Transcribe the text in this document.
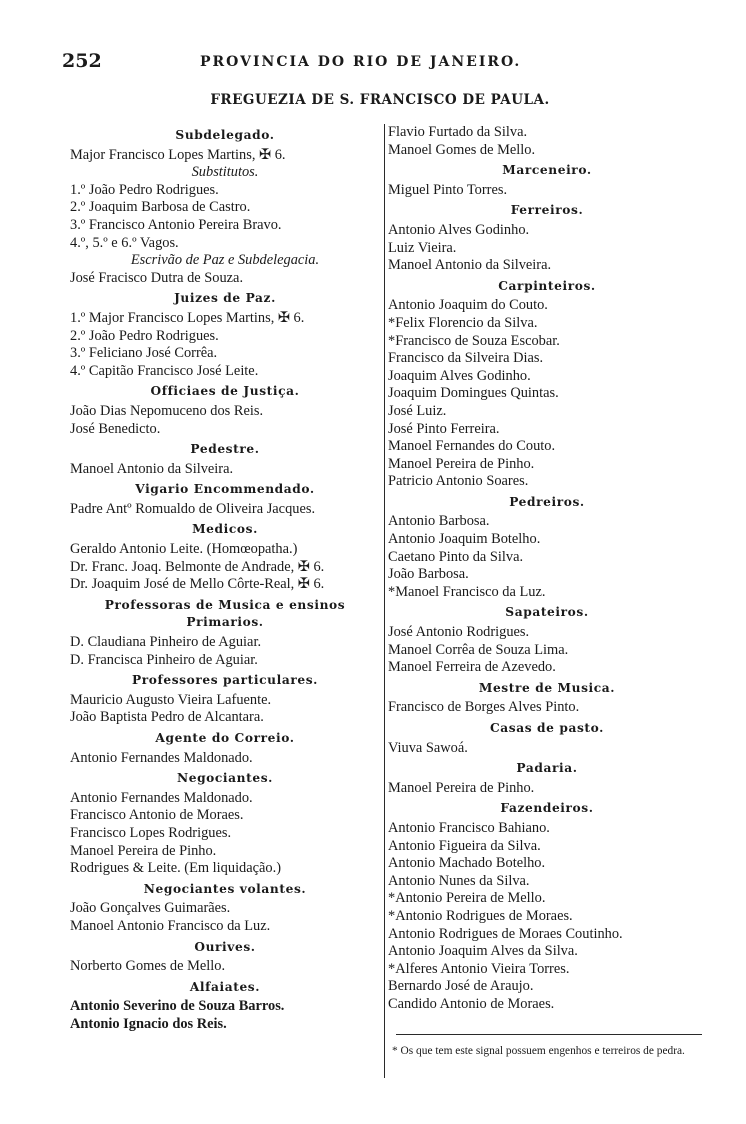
252	PROVINCIA DO RIO DE JANEIRO.
FREGUEZIA DE S. FRANCISCO DE PAULA.
Subdelegado.
Major Francisco Lopes Martins, ✠ 6.
Substitutos.
1.º João Pedro Rodrigues.
2.º Joaquim Barbosa de Castro.
3.º Francisco Antonio Pereira Bravo.
4.º, 5.º e 6.º Vagos.
Escrivão de Paz e Subdelegacia.
José Fracisco Dutra de Souza.
Juizes de Paz.
1.º Major Francisco Lopes Martins, ✠ 6.
2.º João Pedro Rodrigues.
3.º Feliciano José Corrêa.
4.º Capitão Francisco José Leite.
Officiaes de Justiça.
João Dias Nepomuceno dos Reis.
José Benedicto.
Pedestre.
Manoel Antonio da Silveira.
Vigario Encommendado.
Padre Antº Romualdo de Oliveira Jacques.
Medicos.
Geraldo Antonio Leite. (Homœopatha.)
Dr. Franc. Joaq. Belmonte de Andrade, ✠ 6.
Dr. Joaquim José de Mello Côrte-Real, ✠ 6.
Professoras de Musica e ensinos Primarios.
D. Claudiana Pinheiro de Aguiar.
D. Francisca Pinheiro de Aguiar.
Professores particulares.
Mauricio Augusto Vieira Lafuente.
João Baptista Pedro de Alcantara.
Agente do Correio.
Antonio Fernandes Maldonado.
Negociantes.
Antonio Fernandes Maldonado.
Francisco Antonio de Moraes.
Francisco Lopes Rodrigues.
Manoel Pereira de Pinho.
Rodrigues & Leite. (Em liquidação.)
Negociantes volantes.
João Gonçalves Guimarães.
Manoel Antonio Francisco da Luz.
Ourives.
Norberto Gomes de Mello.
Alfaiates.
Antonio Severino de Souza Barros.
Antonio Ignacio dos Reis.
Flavio Furtado da Silva.
Manoel Gomes de Mello.
Marceneiro.
Miguel Pinto Torres.
Ferreiros.
Antonio Alves Godinho.
Luiz Vieira.
Manoel Antonio da Silveira.
Carpinteiros.
Antonio Joaquim do Couto.
*Felix Florencio da Silva.
*Francisco de Souza Escobar.
Francisco da Silveira Dias.
Joaquim Alves Godinho.
Joaquim Domingues Quintas.
José Luiz.
José Pinto Ferreira.
Manoel Fernandes do Couto.
Manoel Pereira de Pinho.
Patricio Antonio Soares.
Pedreiros.
Antonio Barbosa.
Antonio Joaquim Botelho.
Caetano Pinto da Silva.
João Barbosa.
*Manoel Francisco da Luz.
Sapateiros.
José Antonio Rodrigues.
Manoel Corrêa de Souza Lima.
Manoel Ferreira de Azevedo.
Mestre de Musica.
Francisco de Borges Alves Pinto.
Casas de pasto.
Viuva Sawoá.
Padaria.
Manoel Pereira de Pinho.
Fazendeiros.
Antonio Francisco Bahiano.
Antonio Figueira da Silva.
Antonio Machado Botelho.
Antonio Nunes da Silva.
*Antonio Pereira de Mello.
*Antonio Rodrigues de Moraes.
Antonio Rodrigues de Moraes Coutinho.
Antonio Joaquim Alves da Silva.
*Alferes Antonio Vieira Torres.
Bernardo José de Araujo.
Candido Antonio de Moraes.
* Os que tem este signal possuem engenhos e terreiros de pedra.
